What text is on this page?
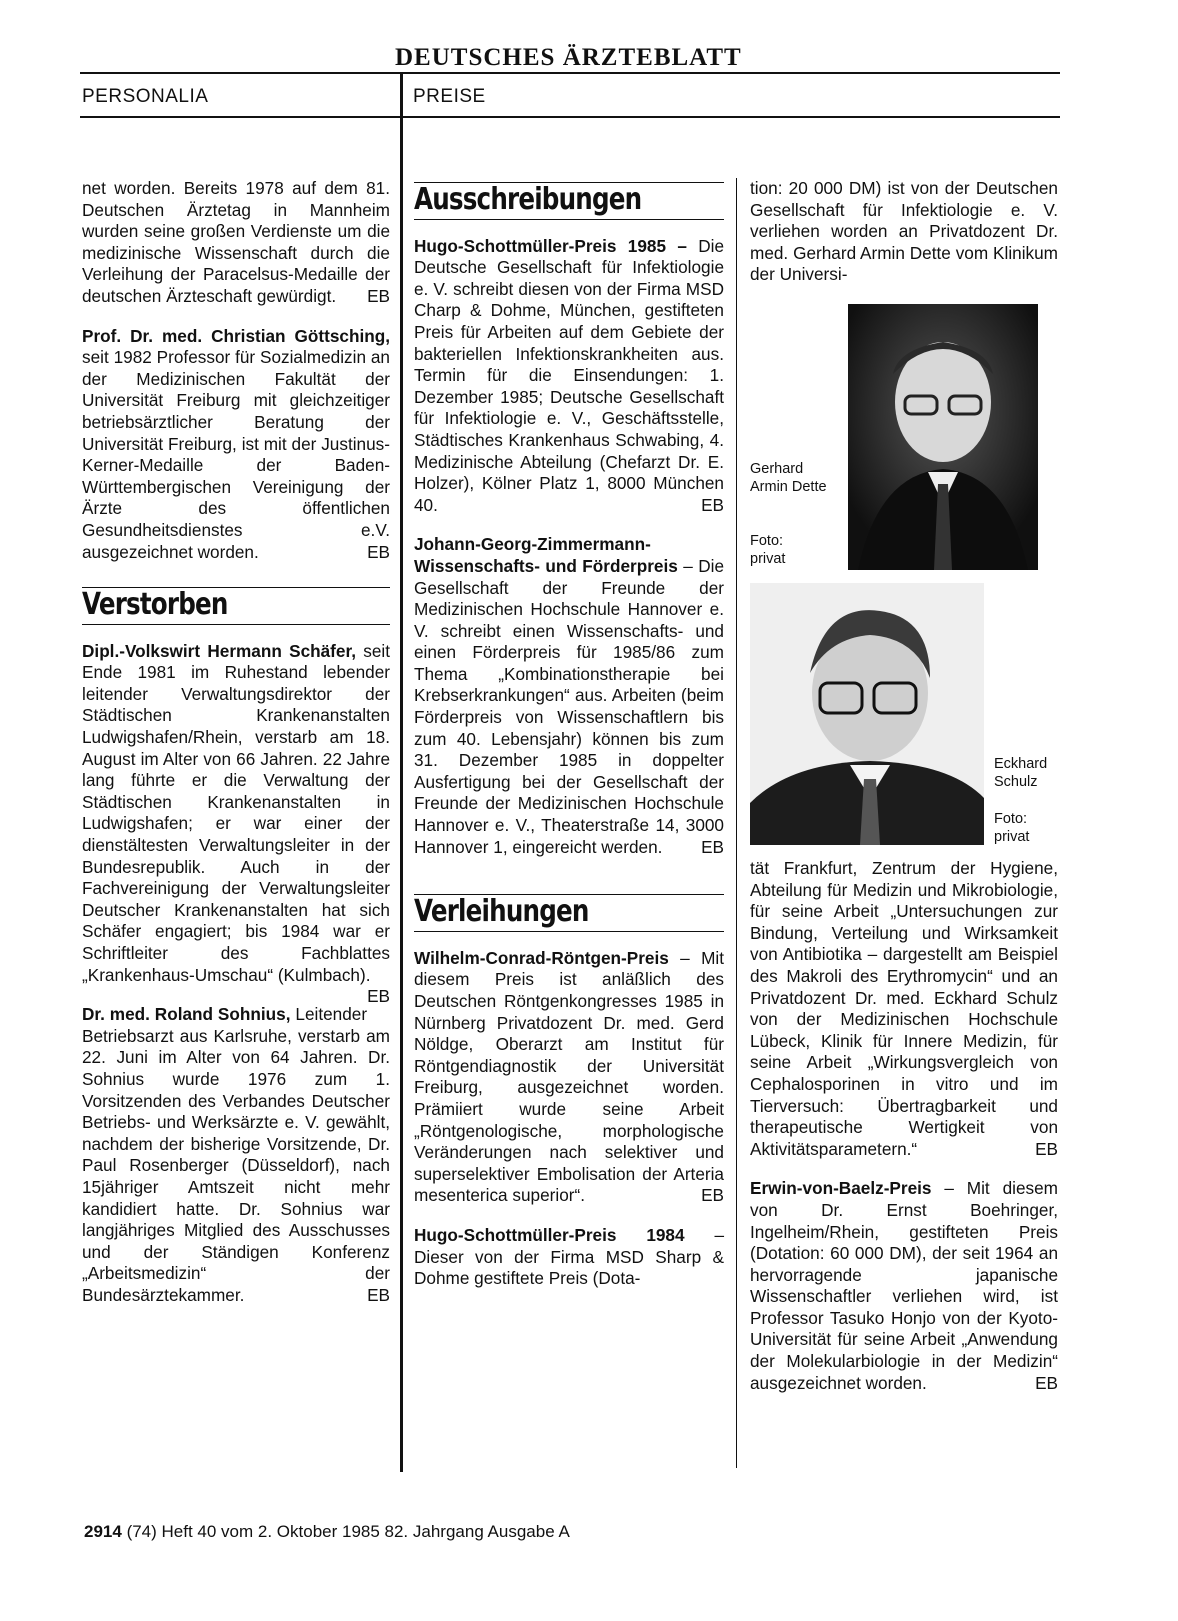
DEUTSCHES ÄRZTEBLATT
PERSONALIA	PREISE

net worden. Bereits 1978 auf dem 81. Deutschen Ärztetag in Mannheim wurden seine großen Verdienste um die medizinische Wissenschaft durch die Verleihung der Paracelsus-Medaille der deutschen Ärzteschaft gewürdigt. EB

Prof. Dr. med. Christian Göttsching, seit 1982 Professor für Sozialmedizin an der Medizinischen Fakultät der Universität Freiburg mit gleichzeitiger betriebsärztlicher Beratung der Universität Freiburg, ist mit der Justinus-Kerner-Medaille der Baden-Württembergischen Vereinigung der Ärzte des öffentlichen Gesundheitsdienstes e.V. ausgezeichnet worden.	EB

Verstorben

Dipl.-Volkswirt Hermann Schäfer, seit Ende 1981 im Ruhestand lebender leitender Verwaltungsdirektor der Städtischen Krankenanstalten Ludwigshafen/Rhein, verstarb am 18. August im Alter von 66 Jahren. 22 Jahre lang führte er die Verwaltung der Städtischen Krankenanstalten in Ludwigshafen; er war einer der dienstältesten Verwaltungsleiter in der Bundesrepublik. Auch in der Fachvereinigung der Verwaltungsleiter Deutscher Krankenanstalten hat sich Schäfer engagiert; bis 1984 war er Schriftleiter des Fachblattes „Krankenhaus-Umschau“ (Kulmbach).
EB

Dr. med. Roland Sohnius, Leitender Betriebsarzt aus Karlsruhe, verstarb am 22. Juni im Alter von 64 Jahren. Dr. Sohnius wurde 1976 zum 1. Vorsitzenden des Verbandes Deutscher Betriebs- und Werksärzte e. V. gewählt, nachdem der bisherige Vorsitzende, Dr. Paul Rosenberger (Düsseldorf), nach 15jähriger Amtszeit nicht mehr kandidiert hatte. Dr. Sohnius war langjähriges Mitglied des Ausschusses und der Ständigen Konferenz „Arbeitsmedizin“ der Bundesärztekammer.	EB

Ausschreibungen

Hugo-Schottmüller-Preis 1985 – Die Deutsche Gesellschaft für Infektiologie e. V. schreibt diesen von der Firma MSD Charp & Dohme, München, gestifteten Preis für Arbeiten auf dem Gebiete der bakteriellen Infektionskrankheiten aus. Termin für die Einsendungen: 1. Dezember 1985; Deutsche Gesellschaft für Infektiologie e. V., Geschäftsstelle, Städtisches Krankenhaus Schwabing, 4. Medizinische Abteilung (Chefarzt Dr. E. Holzer), Kölner Platz 1, 8000 München 40.	EB

Johann-Georg-Zimmermann-Wissenschafts- und Förderpreis – Die Gesellschaft der Freunde der Medizinischen Hochschule Hannover e. V. schreibt einen Wissenschafts- und einen Förderpreis für 1985/86 zum Thema „Kombinationstherapie bei Krebserkrankungen“ aus. Arbeiten (beim Förderpreis von Wissenschaftlern bis zum 40. Lebensjahr) können bis zum 31. Dezember 1985 in doppelter Ausfertigung bei der Gesellschaft der Freunde der Medizinischen Hochschule Hannover e. V., Theaterstraße 14, 3000 Hannover 1, eingereicht werden. EB

Verleihungen

Wilhelm-Conrad-Röntgen-Preis – Mit diesem Preis ist anläßlich des Deutschen Röntgenkongresses 1985 in Nürnberg Privatdozent Dr. med. Gerd Nöldge, Oberarzt am Institut für Röntgendiagnostik der Universität Freiburg, ausgezeichnet worden. Prämiiert wurde seine Arbeit „Röntgenologische, morphologische Veränderungen nach selektiver und superselektiver Embolisation der Arteria mesenterica superior“.	EB

Hugo-Schottmüller-Preis 1984 – Dieser von der Firma MSD Sharp & Dohme gestiftete Preis (Dota-

tion: 20 000 DM) ist von der Deutschen Gesellschaft für Infektiologie e. V. verliehen worden an Privatdozent Dr. med. Gerhard Armin Dette vom Klinikum der Universi-

Gerhard Armin Dette
Foto: privat
Eckhard Schulz
Foto: privat

tät Frankfurt, Zentrum der Hygiene, Abteilung für Medizin und Mikrobiologie, für seine Arbeit „Untersuchungen zur Bindung, Verteilung und Wirksamkeit von Antibiotika – dargestellt am Beispiel des Makroli des Erythromycin“ und an Privatdozent Dr. med. Eckhard Schulz von der Medizinischen Hochschule Lübeck, Klinik für Innere Medizin, für seine Arbeit „Wirkungsvergleich von Cephalosporinen in vitro und im Tierversuch: Übertragbarkeit und therapeutische Wertigkeit von Aktivitätsparametern.“	EB

Erwin-von-Baelz-Preis – Mit diesem von Dr. Ernst Boehringer, Ingelheim/Rhein, gestifteten Preis (Dotation: 60 000 DM), der seit 1964 an hervorragende japanische Wissenschaftler verliehen wird, ist Professor Tasuko Honjo von der Kyoto-Universität für seine Arbeit „Anwendung der Molekularbiologie in der Medizin“ ausgezeichnet worden.	EB

2914 (74) Heft 40 vom 2. Oktober 1985 82. Jahrgang Ausgabe A
